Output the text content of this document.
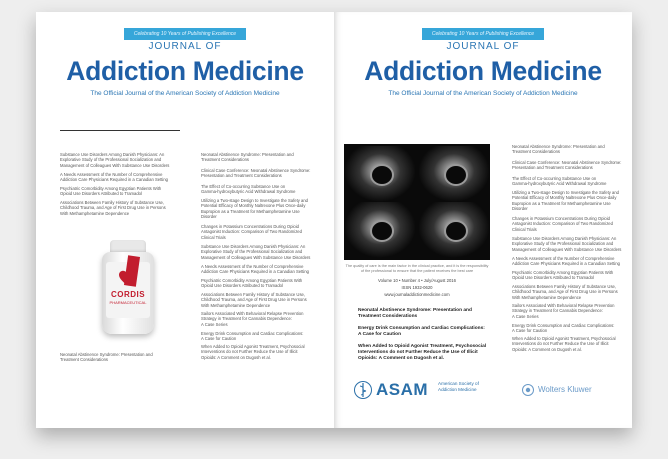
Celebrating 10 Years of Publishing Excellence
JOURNAL OF
Addiction Medicine
The Official Journal of the American Society of Addiction Medicine
Substance Use Disorders Among Danish Physicians: An
Explorative Study of the Professional Socialization and
Management of Colleagues With Substance Use Disorders
A Needs Assessment of the Number of Comprehensive
Addiction Care Physicians Required in a Canadian Setting
Psychiatric Comorbidity Among Egyptian Patients With
Opioid Use Disorders Attributed to Tramadol
Associations Between Family History of Substance Use,
Childhood Trauma, and Age of First Drug Use in Persons
With Methamphetamine Dependence
Neonatal Abstinence Syndrome: Presentation and
Treatment Considerations
Neonatal Abstinence Syndrome: Presentation and
Treatment Considerations
Clinical Case Conference: Neonatal Abstinence Syndrome:
Presentation and Treatment Considerations
The Effect of Co-occurring Substance Use on
Gamma-hydroxybutyric Acid Withdrawal Syndrome
Utilizing a Two-stage Design to Investigate the Safety and
Potential Efficacy of Monthly Naltrexone Plus Once-daily
Bupropion as a Treatment for Methamphetamine Use
Disorder
Changes in Potassium Concentrations During Opioid
Antagonist Induction: Comparison of Two Randomized
Clinical Trials
Substance Use Disorders Among Danish Physicians: An
Explorative Study of the Professional Socialization and
Management of Colleagues With Substance Use Disorders
A Needs Assessment of the Number of Comprehensive
Addiction Care Physicians Required in a Canadian Setting
Psychiatric Comorbidity Among Egyptian Patients With
Opioid Use Disorders Attributed to Tramadol
Associations Between Family History of Substance Use,
Childhood Trauma, and Age of First Drug Use in Persons
With Methamphetamine Dependence
Sailors Associated With Behavioral Relapse Prevention
Strategy in Treatment for Cannabis Dependence:
A Case Series
Energy Drink Consumption and Cardiac Complications:
A Case for Caution
When Added to Opioid Agonist Treatment, Psychosocial
Interventions do not Further Reduce the Use of Illicit
Opioids: A Comment on Dugosh et al.
CORDIS
PHARMACEUTICAL
Celebrating 10 Years of Publishing Excellence
JOURNAL OF
Addiction Medicine
The Official Journal of the American Society of Addiction Medicine
The quality of care is the main factor in the clinical practice, and it is the responsibility of the professional to ensure that the patient receives the best care
Volume 10 • Number 4 • July/August 2016
ISSN 1932-0620
www.journaladdictionmedicine.com
Neonatal Abstinence Syndrome: Presentation and
Treatment Considerations
Energy Drink Consumption and Cardiac Complications:
A Case for Caution
When Added to Opioid Agonist Treatment, Psychosocial
Interventions do not Further Reduce the Use of Illicit
Opioids: A Comment on Dugosh et al.
Neonatal Abstinence Syndrome: Presentation and
Treatment Considerations
Clinical Case Conference: Neonatal Abstinence Syndrome:
Presentation and Treatment Considerations
The Effect of Co-occurring Substance Use on
Gamma-hydroxybutyric Acid Withdrawal Syndrome
Utilizing a Two-stage Design to Investigate the Safety and
Potential Efficacy of Monthly Naltrexone Plus Once-daily
Bupropion as a Treatment for Methamphetamine Use
Disorder
Changes in Potassium Concentrations During Opioid
Antagonist Induction: Comparison of Two Randomized
Clinical Trials
Substance Use Disorders Among Danish Physicians: An
Explorative Study of the Professional Socialization and
Management of Colleagues With Substance Use Disorders
A Needs Assessment of the Number of Comprehensive
Addiction Care Physicians Required in a Canadian Setting
Psychiatric Comorbidity Among Egyptian Patients With
Opioid Use Disorders Attributed to Tramadol
Associations Between Family History of Substance Use,
Childhood Trauma, and Age of First Drug Use in Persons
With Methamphetamine Dependence
Sailors Associated With Behavioral Relapse Prevention
Strategy in Treatment for Cannabis Dependence:
A Case Series
Energy Drink Consumption and Cardiac Complications:
A Case for Caution
When Added to Opioid Agonist Treatment, Psychosocial
Interventions do not Further Reduce the Use of Illicit
Opioids: A Comment on Dugosh et al.
ASAM American Society of
Addiction Medicine	Wolters Kluwer
